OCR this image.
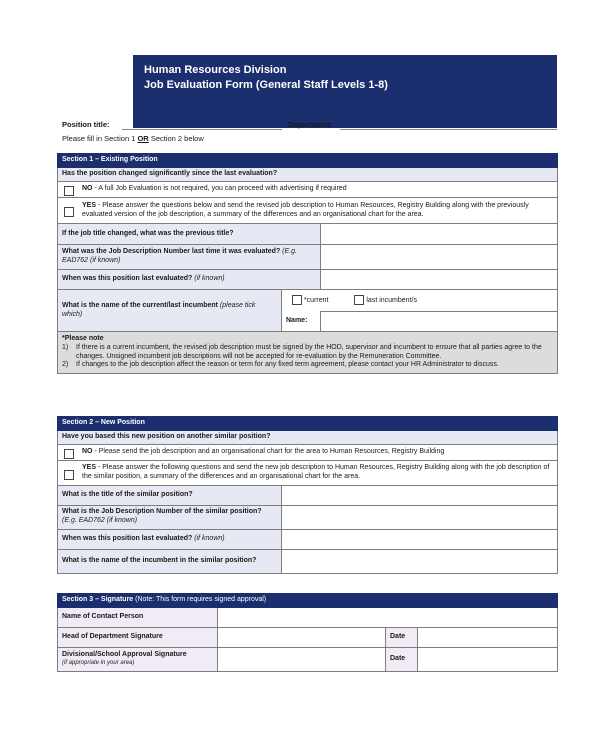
Human Resources Division
Job Evaluation Form (General Staff Levels 1-8)
Position title:	Department:
Please fill in Section 1 OR Section 2 below
Section 1 – Existing Position		
Has the position changed significantly since the last evaluation?		

NO - A full Job Evaluation is not required, you can proceed with advertising if required		

YES - Please answer the questions below and send the revised job description to Human Resources, Registry Building along with the previously evaluated version of the job description, a summary of the differences and an organisational chart for the area.		
If the job title changed, what was the previous title?		
What was the Job Description Number last time it was evaluated? (E.g. EAD762 (if known)		
When was this position last evaluated? (if known)		
What is the name of the current/last incumbent (please tick which)	*current last incumbent/s	
	Name:	

*Please note
1) If there is a current incumbent, the revised job description must be signed by the HOD, supervisor and incumbent to ensure that all parties agree to the changes. Unsigned incumbent job descriptions will not be accepted for re-evaluation by the Remuneration Committee.
2) If changes to the job description affect the reason or term for any fixed term agreement, please contact your HR Administrator to discuss.		
Section 2 – New Position	
Have you based this new position on another similar position?	

NO - Please send the job description and an organisational chart for the area to Human Resources, Registry Building	

YES - Please answer the following questions and send the new job description to Human Resources, Registry Building along with the job description of the similar position, a summary of the differences and an organisational chart for the area.	
What is the title of the similar position?	
What is the Job Description Number of the similar position? (E.g. EAD762 (if known)	
When was this position last evaluated? (if known)	
What is the name of the incumbent in the similar position?	
Section 3 – Signature (Note: This form requires signed approval)			
Name of Contact Person			
Head of Department Signature		Date	

Divisional/School Approval Signature
(if appropriate in your area)		Date	
